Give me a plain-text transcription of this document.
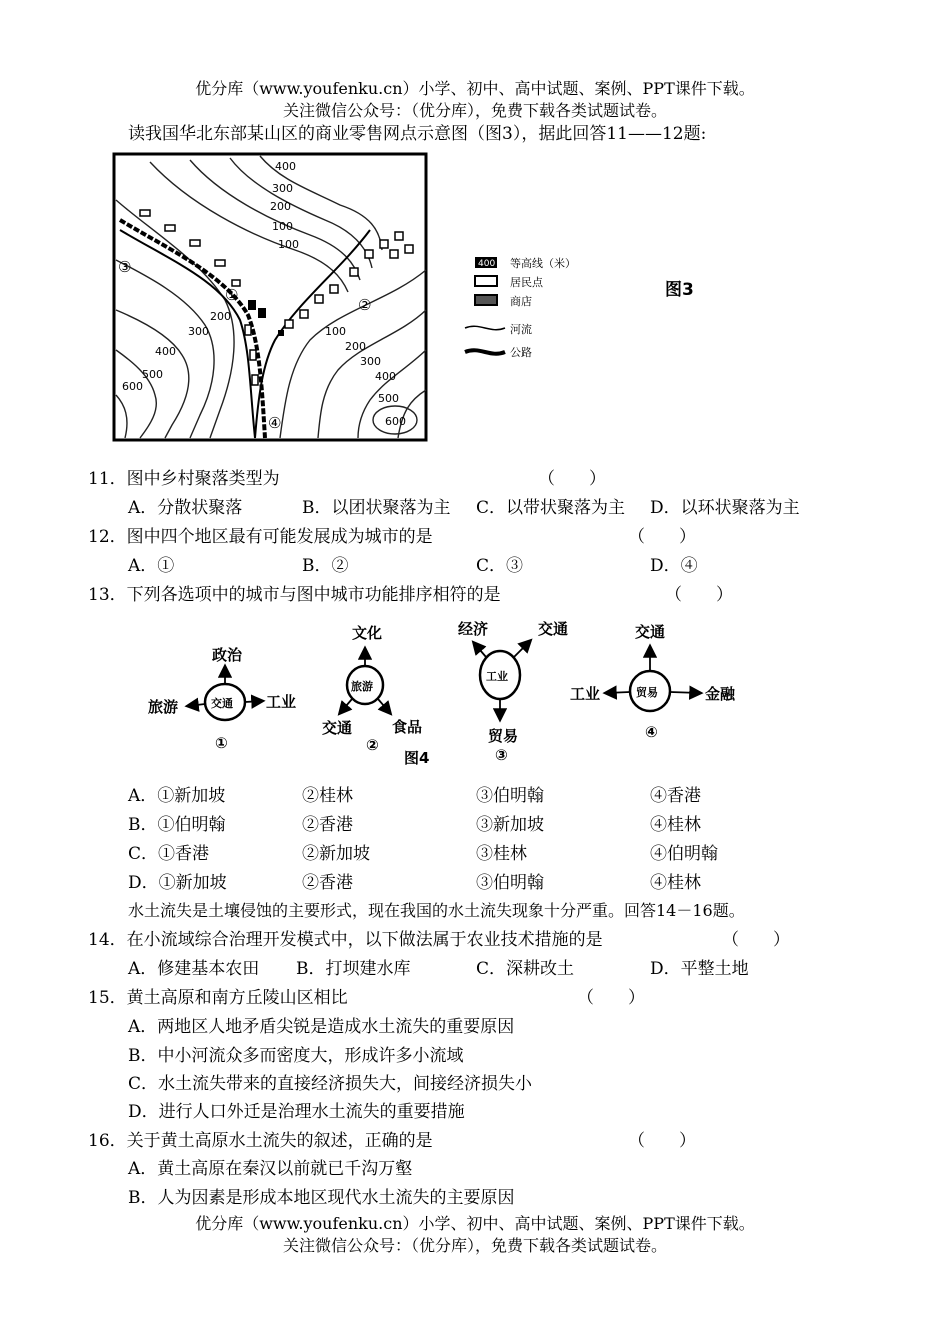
优分库（www.youfenku.cn）小学、初中、高中试题、案例、PPT课件下载。
关注微信公众号：（优分库），免费下载各类试题试卷。
读我国华北东部某山区的商业零售网点示意图（图3），据此回答11——12题:
400
300
200
100
100
200
300
400
500
600
100
200
300
400
500
600
③
①
②
④
400 等高线（米）
居民点
商店
河流
公路
图3
11．图中乡村聚落类型为	（　　）
A．分散状聚落	B．以团状聚落为主 C．以带状聚落为主 D．以环状聚落为主
12．图中四个地区最有可能发展成为城市的是	（　　）
A．①	B．②	C．③	D．④
13．下列各选项中的城市与图中城市功能排序相符的是	（　　）
交通
政治
旅游	工业
①
旅游
文化
交通	食品
②
图4
工业
经济	交通
贸易
③
贸易
交通
工业	金融
④
A．①新加坡	②桂林	③伯明翰	④香港
B．①伯明翰	②香港	③新加坡	④桂林
C．①香港	②新加坡	③桂林	④伯明翰
D．①新加坡	②香港	③伯明翰	④桂林
水土流失是土壤侵蚀的主要形式，现在我国的水土流失现象十分严重。回答14－16题。
14．在小流域综合治理开发模式中，以下做法属于农业技术措施的是	（　　）
A．修建基本农田 B．打坝建水库	C．深耕改土	D．平整土地
15．黄土高原和南方丘陵山区相比	（　　）
A．两地区人地矛盾尖锐是造成水土流失的重要原因
B．中小河流众多而密度大，形成许多小流域
C．水土流失带来的直接经济损失大，间接经济损失小
D．进行人口外迁是治理水土流失的重要措施
16．关于黄土高原水土流失的叙述，正确的是	（　　）
A．黄土高原在秦汉以前就已千沟万壑
B．人为因素是形成本地区现代水土流失的主要原因
优分库（www.youfenku.cn）小学、初中、高中试题、案例、PPT课件下载。
关注微信公众号：（优分库），免费下载各类试题试卷。
